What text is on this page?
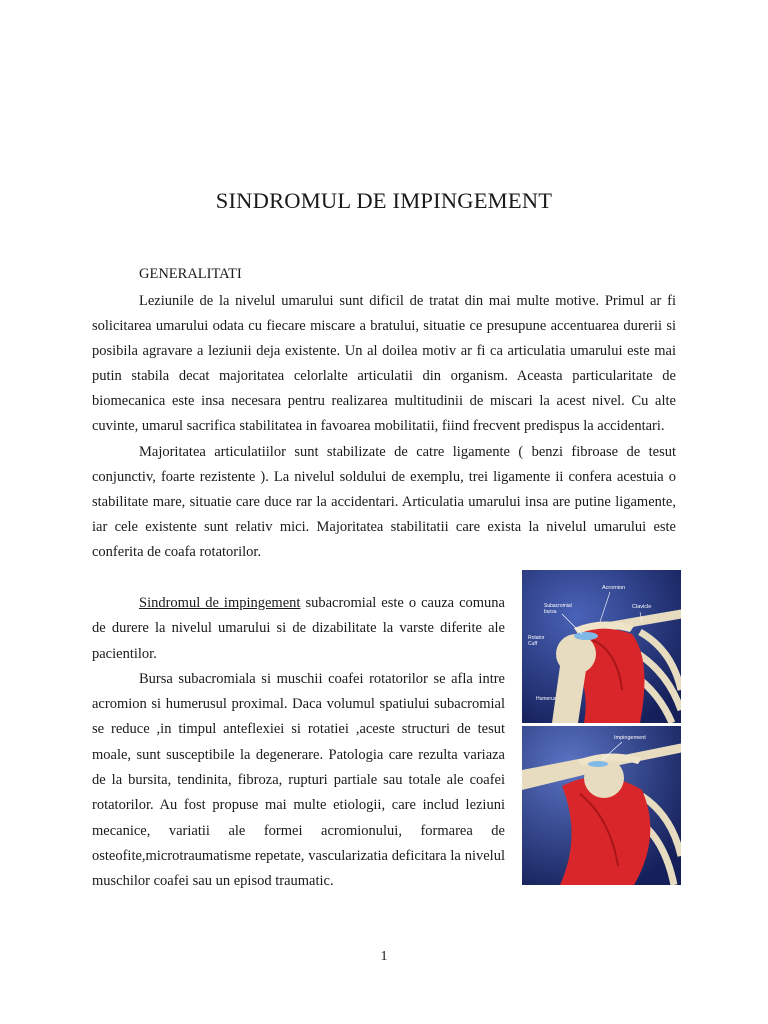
SINDROMUL DE IMPINGEMENT
GENERALITATI

Leziunile de la nivelul umarului sunt dificil de tratat din mai multe motive. Primul ar fi solicitarea umarului odata cu fiecare miscare a bratului, situatie ce presupune accentuarea durerii si posibila agravare a leziunii deja existente. Un al doilea motiv ar fi ca articulatia umarului este mai putin stabila decat majoritatea celorlalte articulatii din organism. Aceasta particularitate de biomecanica este insa necesara pentru realizarea multitudinii de miscari la acest nivel. Cu alte cuvinte, umarul sacrifica stabilitatea in favoarea mobilitatii, fiind frecvent predispus la accidentari.

Majoritatea articulatiilor sunt stabilizate de catre ligamente ( benzi fibroase de tesut conjunctiv, foarte rezistente ). La nivelul soldului de exemplu, trei ligamente ii confera acestuia o stabilitate mare, situatie care duce rar la accidentari. Articulatia umarului insa are putine ligamente, iar cele existente sunt relativ mici. Majoritatea stabilitatii care exista la nivelul umarului este conferita de coafa rotatorilor.

Sindromul de impingement subacromial este o cauza comuna de durere la nivelul umarului si de dizabilitate la varste diferite ale pacientilor.

Bursa subacromiala si muschii coafei rotatorilor se afla intre acromion si humerusul proximal. Daca volumul spatiului subacromial se reduce ,in timpul anteflexiei si rotatiei ,aceste structuri de tesut moale, sunt susceptibile la degenerare. Patologia care rezulta variaza de la bursita, tendinita, fibroza, rupturi partiale sau totale ale coafei rotatorilor. Au fost propuse mai multe etiologii, care includ leziuni mecanice, variatii ale formei acromionului, formarea de osteofite,microtraumatisme repetate, vascularizatia deficitara la nivelul muschilor coafei sau un episod traumatic.

Acromion
Subacromial
bursa
Clavicle
Rotator
Cuff
Humerus
Impingement
1
